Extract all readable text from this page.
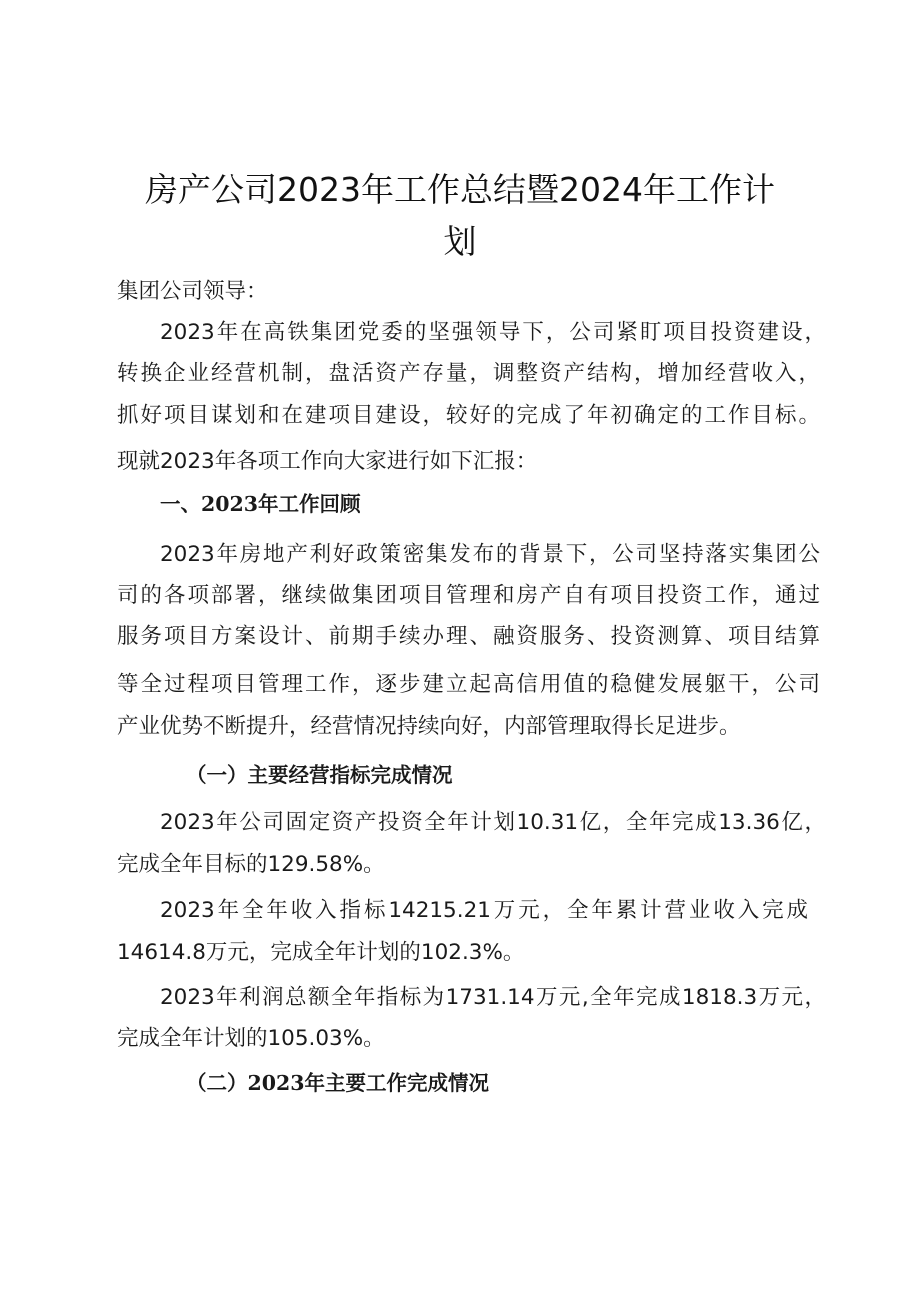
房产公司2023年工作总结暨2024年工作计
划
集团公司领导：
2023年在高铁集团党委的坚强领导下，公司紧盯项目投资建设，
转换企业经营机制，盘活资产存量，调整资产结构，增加经营收入，
抓好项目谋划和在建项目建设，较好的完成了年初确定的工作目标。
现就2023年各项工作向大家进行如下汇报：
一、2023年工作回顾
2023年房地产利好政策密集发布的背景下，公司坚持落实集团公
司的各项部署，继续做集团项目管理和房产自有项目投资工作，通过
服务项目方案设计、前期手续办理、融资服务、投资测算、项目结算
等全过程项目管理工作，逐步建立起高信用值的稳健发展躯干，公司
产业优势不断提升，经营情况持续向好，内部管理取得长足进步。
（一）主要经营指标完成情况
2023年公司固定资产投资全年计划10.31亿，全年完成13.36亿，
完成全年目标的129.58%。
2023年全年收入指标14215.21万元，全年累计营业收入完成
14614.8万元，完成全年计划的102.3%。
2023年利润总额全年指标为1731.14万元,全年完成1818.3万元，
完成全年计划的105.03%。
（二）2023年主要工作完成情况
